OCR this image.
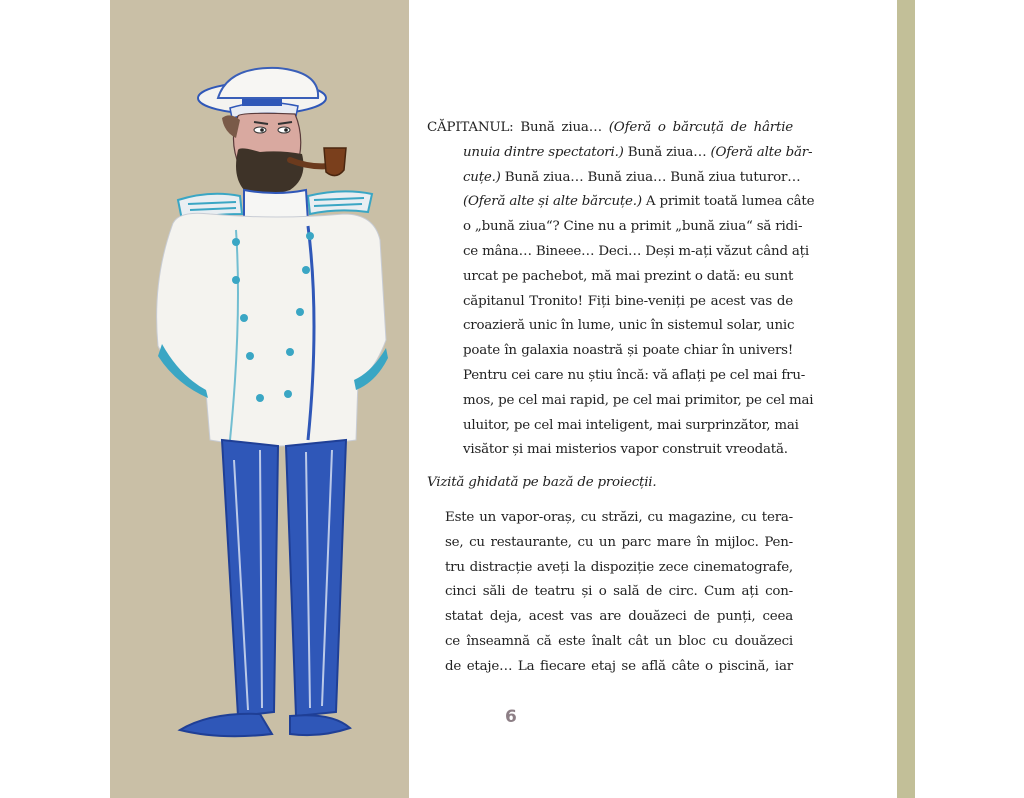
CĂPITANUL: Bună ziua… (Oferă o bărcuță de hârtie
unuia dintre spectatori.) Bună ziua… (Oferă alte băr-
cuțe.) Bună ziua… Bună ziua… Bună ziua tuturor…
(Oferă alte și alte bărcuțe.) A primit toată lumea câte
o „bună ziua“? Cine nu a primit „bună ziua“ să ridi-
ce mâna… Bineee… Deci… Deși m-ați văzut când ați
urcat pe pachebot, mă mai prezint o dată: eu sunt
căpitanul Tronito! Fiți bine-veniți pe acest vas de
croazieră unic în lume, unic în sistemul solar, unic
poate în galaxia noastră și poate chiar în univers!
Pentru cei care nu știu încă: vă aflați pe cel mai fru-
mos, pe cel mai rapid, pe cel mai primitor, pe cel mai
uluitor, pe cel mai inteligent, mai surprinzător, mai
visător și mai misterios vapor construit vreodată.

Vizită ghidată pe bază de proiecții.

Este un vapor-oraș, cu străzi, cu magazine, cu tera-
se, cu restaurante, cu un parc mare în mijloc. Pen-
tru distracție aveți la dispoziție zece cinematografe,
cinci săli de teatru și o sală de circ. Cum ați con-
statat deja, acest vas are douăzeci de punți, ceea
ce înseamnă că este înalt cât un bloc cu douăzeci
de etaje… La fiecare etaj se află câte o piscină, iar
6
